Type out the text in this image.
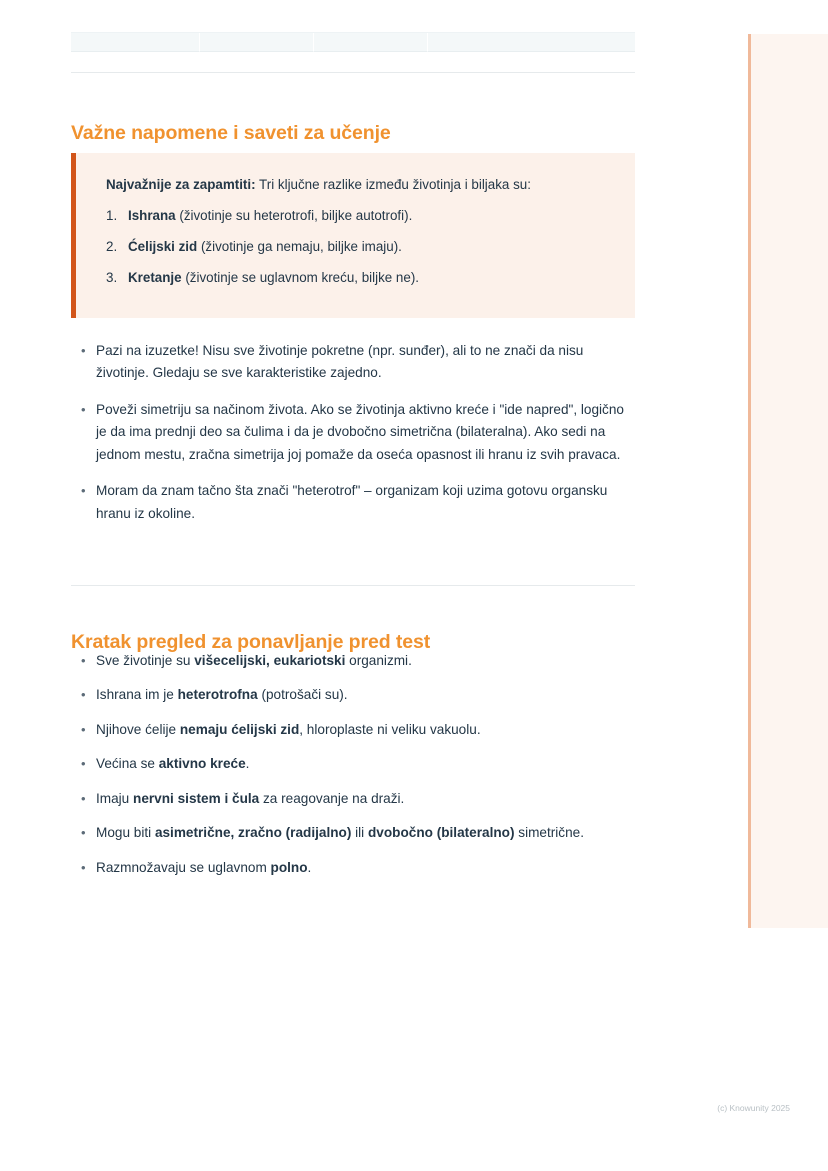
Važne napomene i saveti za učenje

Najvažnije za zapamtiti: Tri ključne razlike između životinja i biljaka su:

Ishrana (životinje su heterotrofi, biljke autotrofi).
Ćelijski zid (životinje ga nemaju, biljke imaju).
Kretanje (životinje se uglavnom kreću, biljke ne).
• Pazi na izuzetke! Nisu sve životinje pokretne (npr. sunđer), ali to ne znači da nisu životinje. Gledaju se sve karakteristike zajedno.
• Poveži simetriju sa načinom života. Ako se životinja aktivno kreće i "ide napred", logično je da ima prednji deo sa čulima i da je dvobočno simetrična (bilateralna). Ako sedi na jednom mestu, zračna simetrija joj pomaže da oseća opasnost ili hranu iz svih pravaca.
• Moram da znam tačno šta znači "heterotrof" – organizam koji uzima gotovu organsku hranu iz okoline.
Kratak pregled za ponavljanje pred test
• Sve životinje su višecelijski, eukariotski organizmi.
• Ishrana im je heterotrofna (potrošači su).
• Njihove ćelije nemaju ćelijski zid, hloroplaste ni veliku vakuolu.
• Većina se aktivno kreće.
• Imaju nervni sistem i čula za reagovanje na draži.
• Mogu biti asimetrične, zračno (radijalno) ili dvobočno (bilateralno) simetrične.
• Razmnožavaju se uglavnom polno.
(c) Knowunity 2025
